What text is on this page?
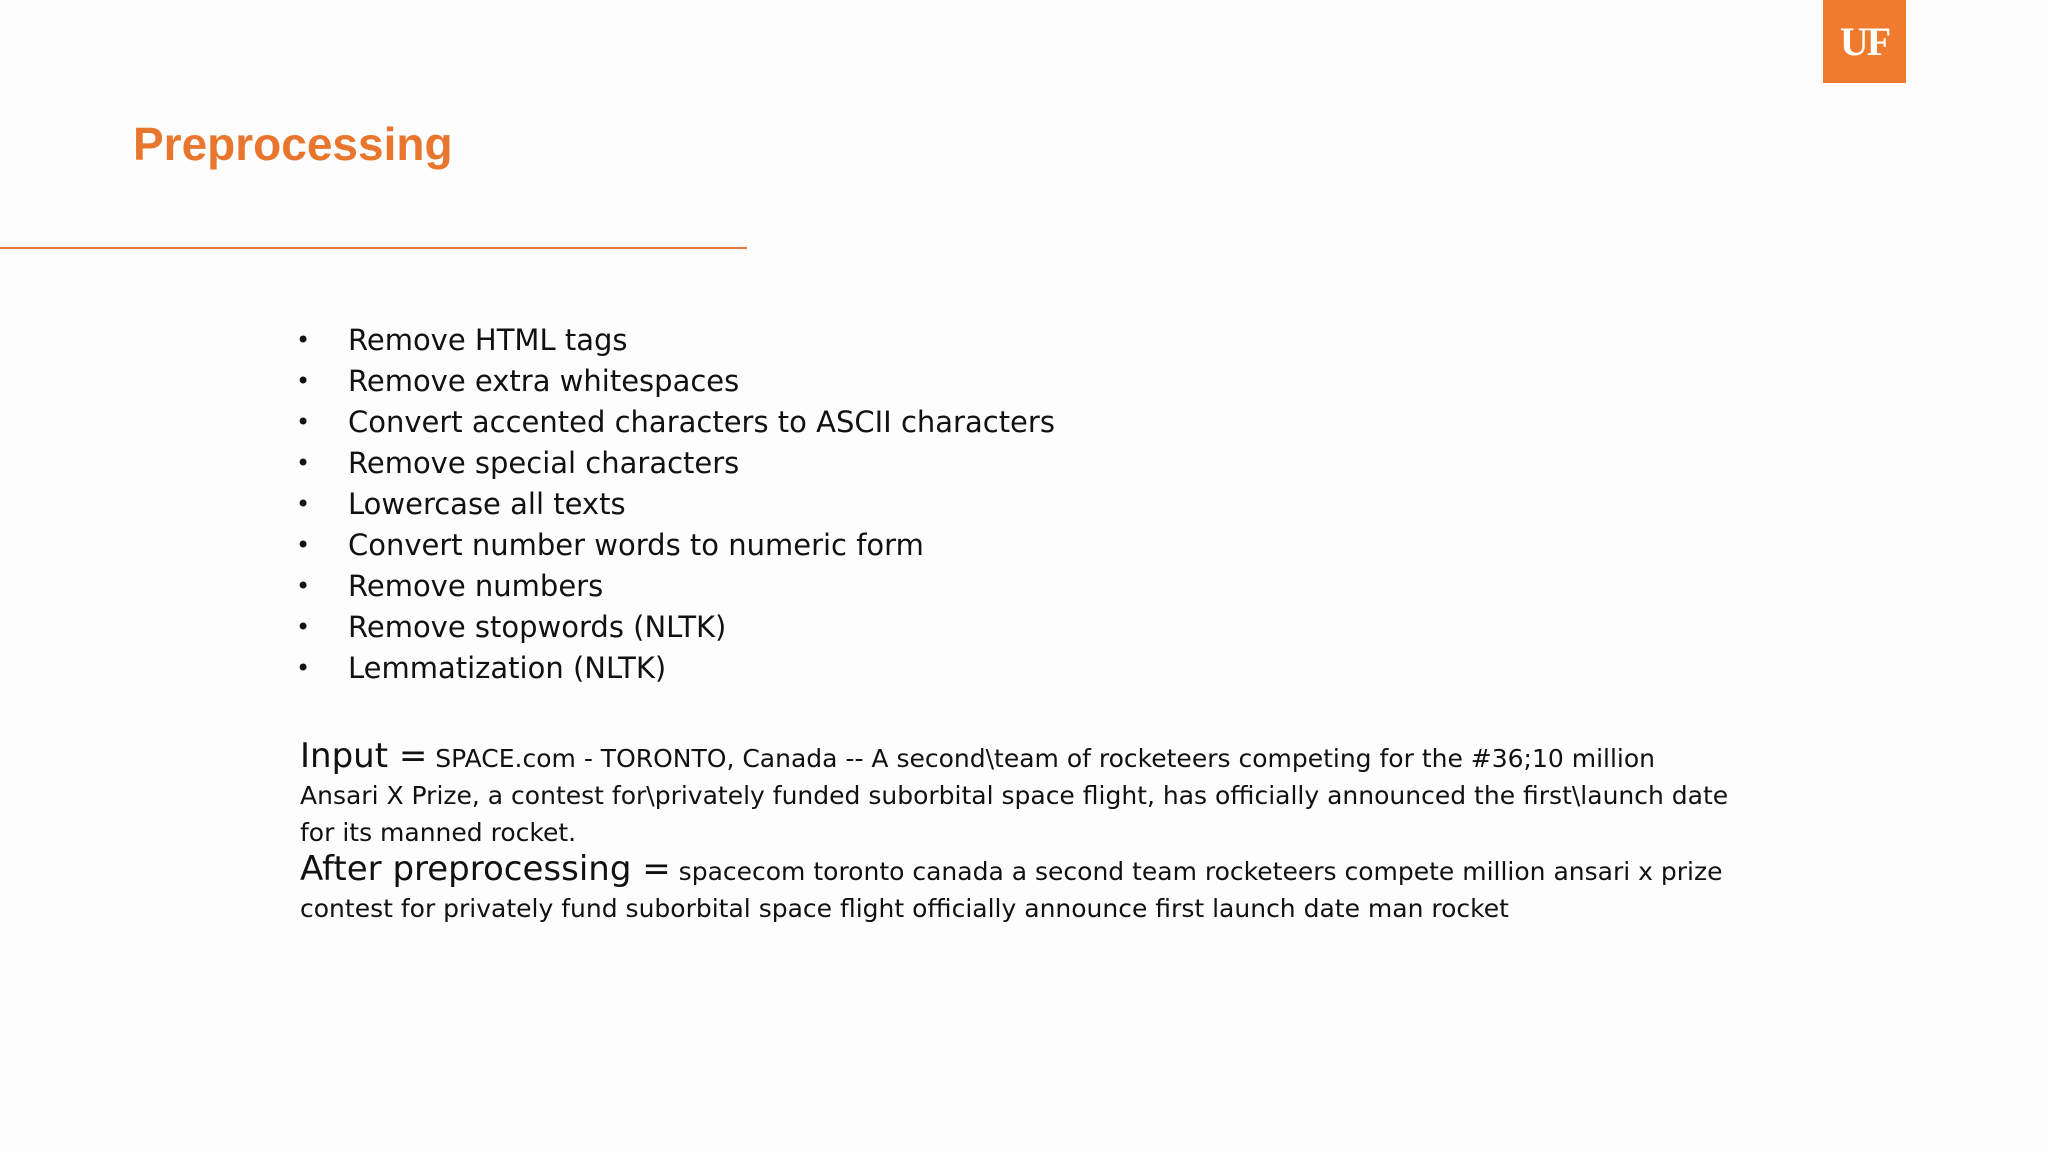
UF
Preprocessing
•	Remove HTML tags
•	Remove extra whitespaces
•	Convert accented characters to ASCII characters
•	Remove special characters
•	Lowercase all texts
•	Convert number words to numeric form
•	Remove numbers
•	Remove stopwords (NLTK)
•	Lemmatization (NLTK)

Input = SPACE.com - TORONTO, Canada -- A second\team of rocketeers competing for the #36;10 million Ansari X Prize, a contest for\privately funded suborbital space flight, has officially announced the first\launch date for its manned rocket.

After preprocessing = spacecom toronto canada a second team rocketeers compete million ansari x prize contest for privately fund suborbital space flight officially announce first launch date man rocket
